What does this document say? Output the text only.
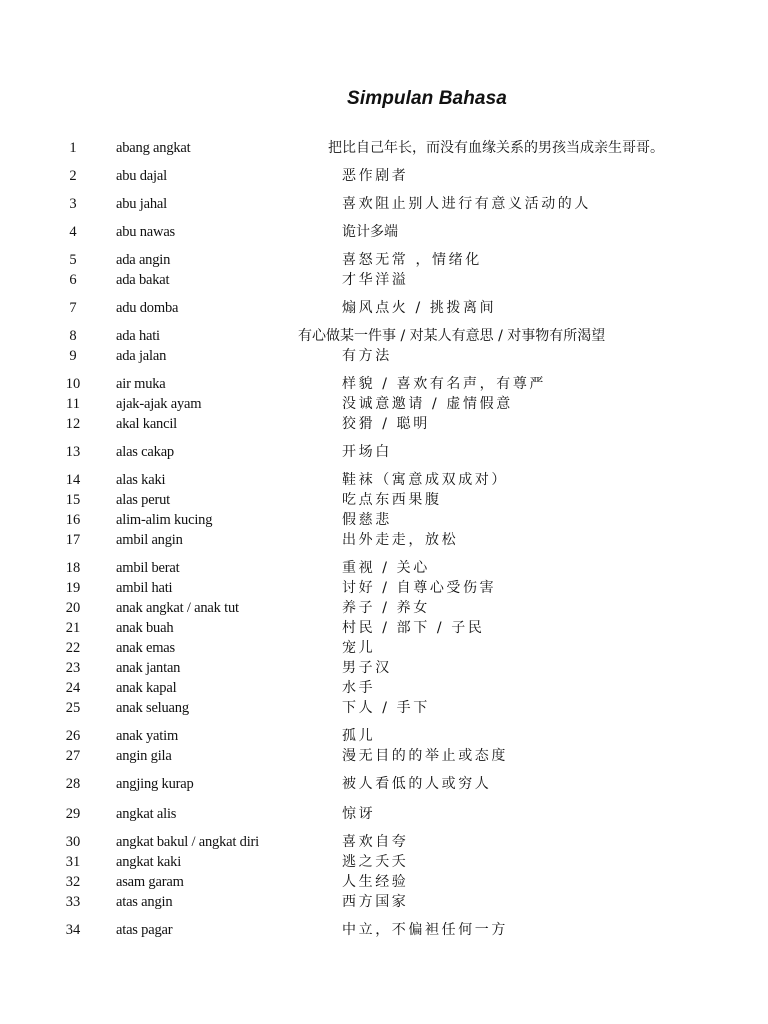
Simpulan Bahasa
1	abang angkat	把比自己年长，而没有血缘关系的男孩当成亲生哥哥。
2	abu dajal	恶作剧者
3	abu jahal	喜欢阻止别人进行有意义活动的人
4	abu nawas	诡计多端
5	ada angin	喜怒无常 ，情绪化
6	ada bakat	才华洋溢
7	adu domba	煽风点火 / 挑拨离间
8	ada hati	有心做某一件事 / 对某人有意思 / 对事物有所渴望
9	ada jalan	有方法
10	air muka	样貌 / 喜欢有名声，有尊严
11	ajak-ajak ayam	没诚意邀请 / 虚情假意
12	akal kancil	狡猾 / 聪明
13	alas cakap	开场白
14	alas kaki	鞋袜（寓意成双成对）
15	alas perut	吃点东西果腹
16	alim-alim kucing	假慈悲
17	ambil angin	出外走走，放松
18	ambil berat	重视 / 关心
19	ambil hati	讨好 / 自尊心受伤害
20	anak angkat / anak tut	养子 / 养女
21	anak buah	村民 / 部下 / 子民
22	anak emas	宠儿
23	anak jantan	男子汉
24	anak kapal	水手
25	anak seluang	下人 / 手下
26	anak yatim	孤儿
27	angin gila	漫无目的的举止或态度
28	angjing kurap	被人看低的人或穷人
29	angkat alis	惊讶
30	angkat bakul / angkat diri	喜欢自夸
31	angkat kaki	逃之夭夭
32	asam garam	人生经验
33	atas angin	西方国家
34	atas pagar	中立，不偏袒任何一方
